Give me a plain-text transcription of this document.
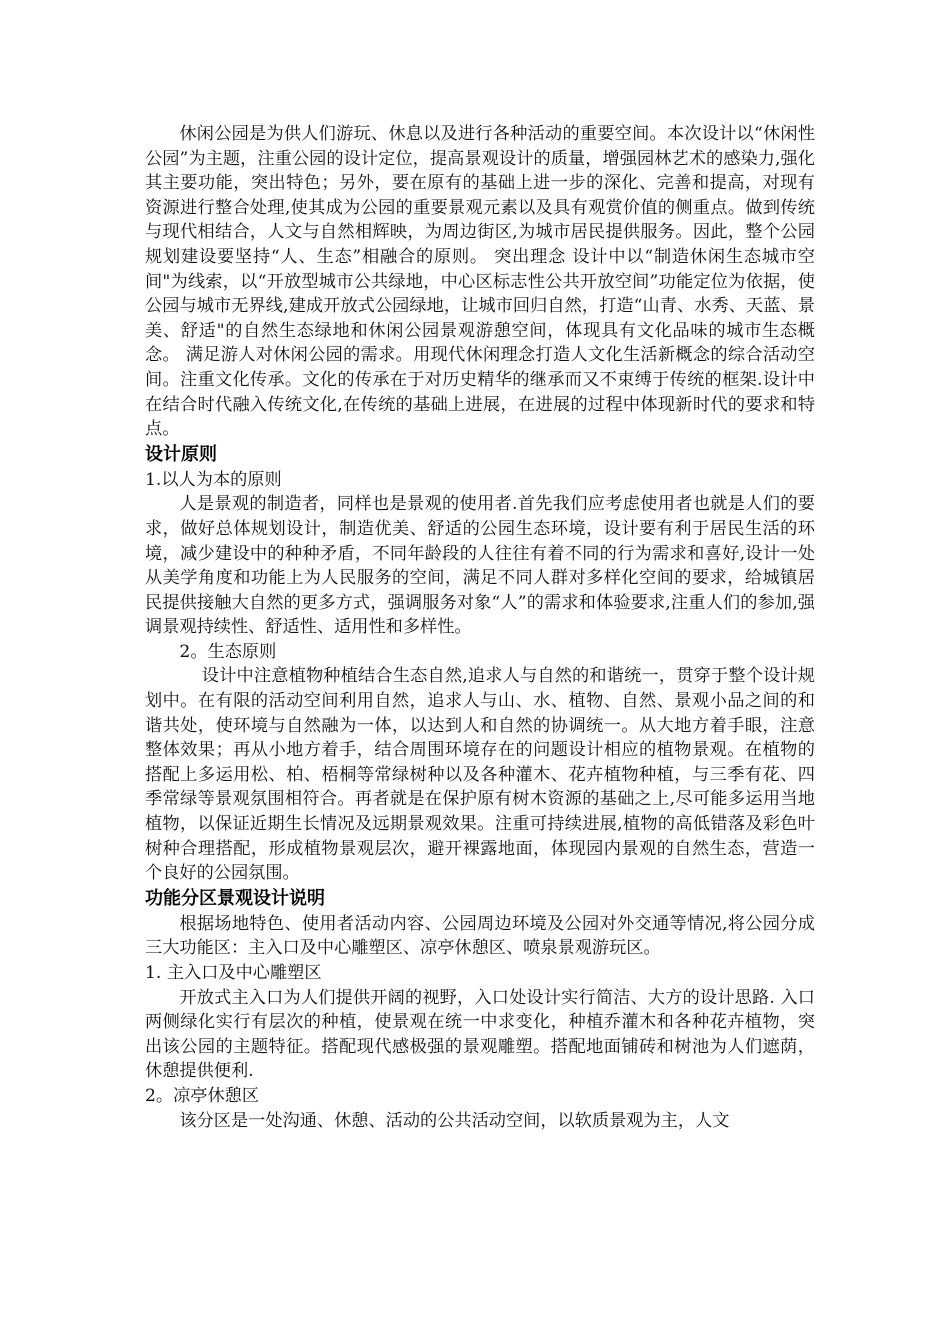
休闲公园是为供人们游玩、休息以及进行各种活动的重要空间。本次设计以“休闲性公园”为主题，注重公园的设计定位，提高景观设计的质量，增强园林艺术的感染力,强化其主要功能，突出特色；另外，要在原有的基础上进一步的深化、完善和提高，对现有资源进行整合处理,使其成为公园的重要景观元素以及具有观赏价值的侧重点。做到传统与现代相结合，人文与自然相辉映，为周边街区,为城市居民提供服务。因此，整个公园规划建设要坚持“人、生态”相融合的原则。 突出理念 设计中以“制造休闲生态城市空间"为线索，以“开放型城市公共绿地，中心区标志性公共开放空间”功能定位为依据，使公园与城市无界线,建成开放式公园绿地，让城市回归自然，打造“山青、水秀、天蓝、景美、舒适"的自然生态绿地和休闲公园景观游憩空间，体现具有文化品味的城市生态概念。 满足游人对休闲公园的需求。用现代休闲理念打造人文化生活新概念的综合活动空间。注重文化传承。文化的传承在于对历史精华的继承而又不束缚于传统的框架.设计中在结合时代融入传统文化,在传统的基础上进展，在进展的过程中体现新时代的要求和特点。

设计原则

1.以人为本的原则

人是景观的制造者，同样也是景观的使用者.首先我们应考虑使用者也就是人们的要求，做好总体规划设计，制造优美、舒适的公园生态环境，设计要有利于居民生活的环境，减少建设中的种种矛盾，不同年龄段的人往往有着不同的行为需求和喜好,设计一处从美学角度和功能上为人民服务的空间，满足不同人群对多样化空间的要求，给城镇居民提供接触大自然的更多方式，强调服务对象“人”的需求和体验要求,注重人们的参加,强调景观持续性、舒适性、适用性和多样性。

2。生态原则

设计中注意植物种植结合生态自然,追求人与自然的和谐统一，贯穿于整个设计规划中。在有限的活动空间利用自然，追求人与山、水、植物、自然、景观小品之间的和谐共处，使环境与自然融为一体，以达到人和自然的协调统一。从大地方着手眼，注意整体效果；再从小地方着手，结合周围环境存在的问题设计相应的植物景观。在植物的搭配上多运用松、柏、梧桐等常绿树种以及各种灌木、花卉植物种植，与三季有花、四季常绿等景观氛围相符合。再者就是在保护原有树木资源的基础之上,尽可能多运用当地植物，以保证近期生长情况及远期景观效果。注重可持续进展,植物的高低错落及彩色叶树种合理搭配，形成植物景观层次，避开裸露地面，体现园内景观的自然生态，营造一个良好的公园氛围。

功能分区景观设计说明

根据场地特色、使用者活动内容、公园周边环境及公园对外交通等情况,将公园分成三大功能区：主入口及中心雕塑区、凉亭休憩区、喷泉景观游玩区。

1. 主入口及中心雕塑区

开放式主入口为人们提供开阔的视野，入口处设计实行简洁、大方的设计思路. 入口两侧绿化实行有层次的种植，使景观在统一中求变化，种植乔灌木和各种花卉植物，突出该公园的主题特征。搭配现代感极强的景观雕塑。搭配地面铺砖和树池为人们遮荫，休憩提供便利.

2。凉亭休憩区

该分区是一处沟通、休憩、活动的公共活动空间，以软质景观为主，人文
